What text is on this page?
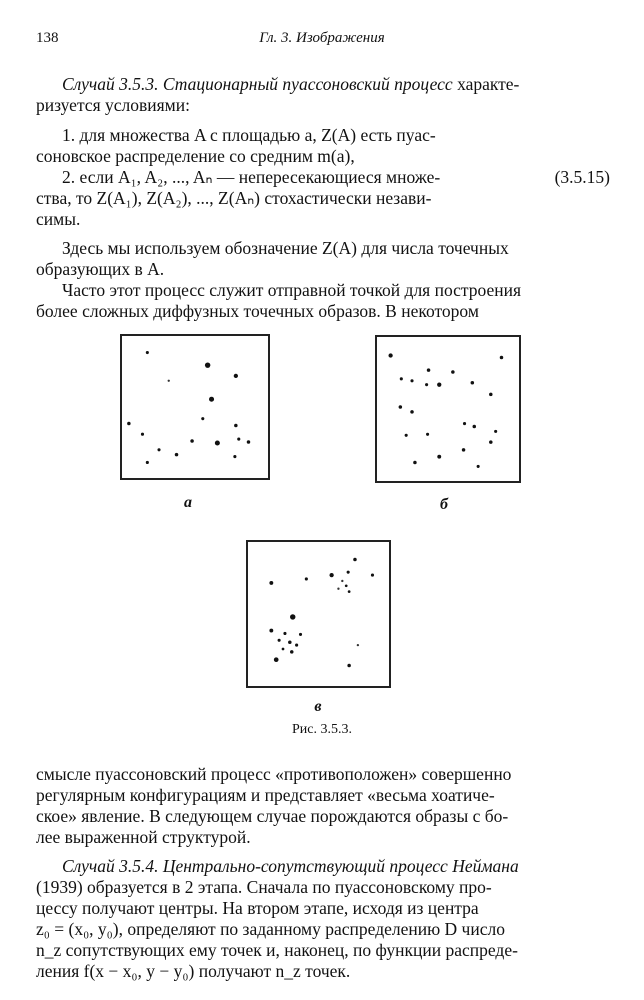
138	Гл. 3. Изображения
Случай 3.5.3. Стационарный пуассоновский процесс характе-
ризуется условиями:
1. для множества A с площадью a, Z(A) есть пуас-
соновское распределение со средним m(a),
2. если A₁, A₂, ..., Aₙ — непересекающиеся множе-	(3.5.15)
ства, то Z(A₁), Z(A₂), ..., Z(Aₙ) стохастически незави-
симы.
Здесь мы используем обозначение Z(A) для числа точечных
образующих в A.
Часто этот процесс служит отправной точкой для построения
более сложных диффузных точечных образов. В некотором
а	б
в
Рис. 3.5.3.
смысле пуассоновский процесс «противоположен» совершенно
регулярным конфигурациям и представляет «весьма хоатиче-
ское» явление. В следующем случае порождаются образы с бо-
лее выраженной структурой.
Случай 3.5.4. Центрально-сопутствующий процесс Неймана
(1939) образуется в 2 этапа. Сначала по пуассоновскому про-
цессу получают центры. На втором этапе, исходя из центра
z₀ = (x₀, y₀), определяют по заданному распределению D число
n_z сопутствующих ему точек и, наконец, по функции распреде-
ления f(x − x₀, y − y₀) получают n_z точек.
